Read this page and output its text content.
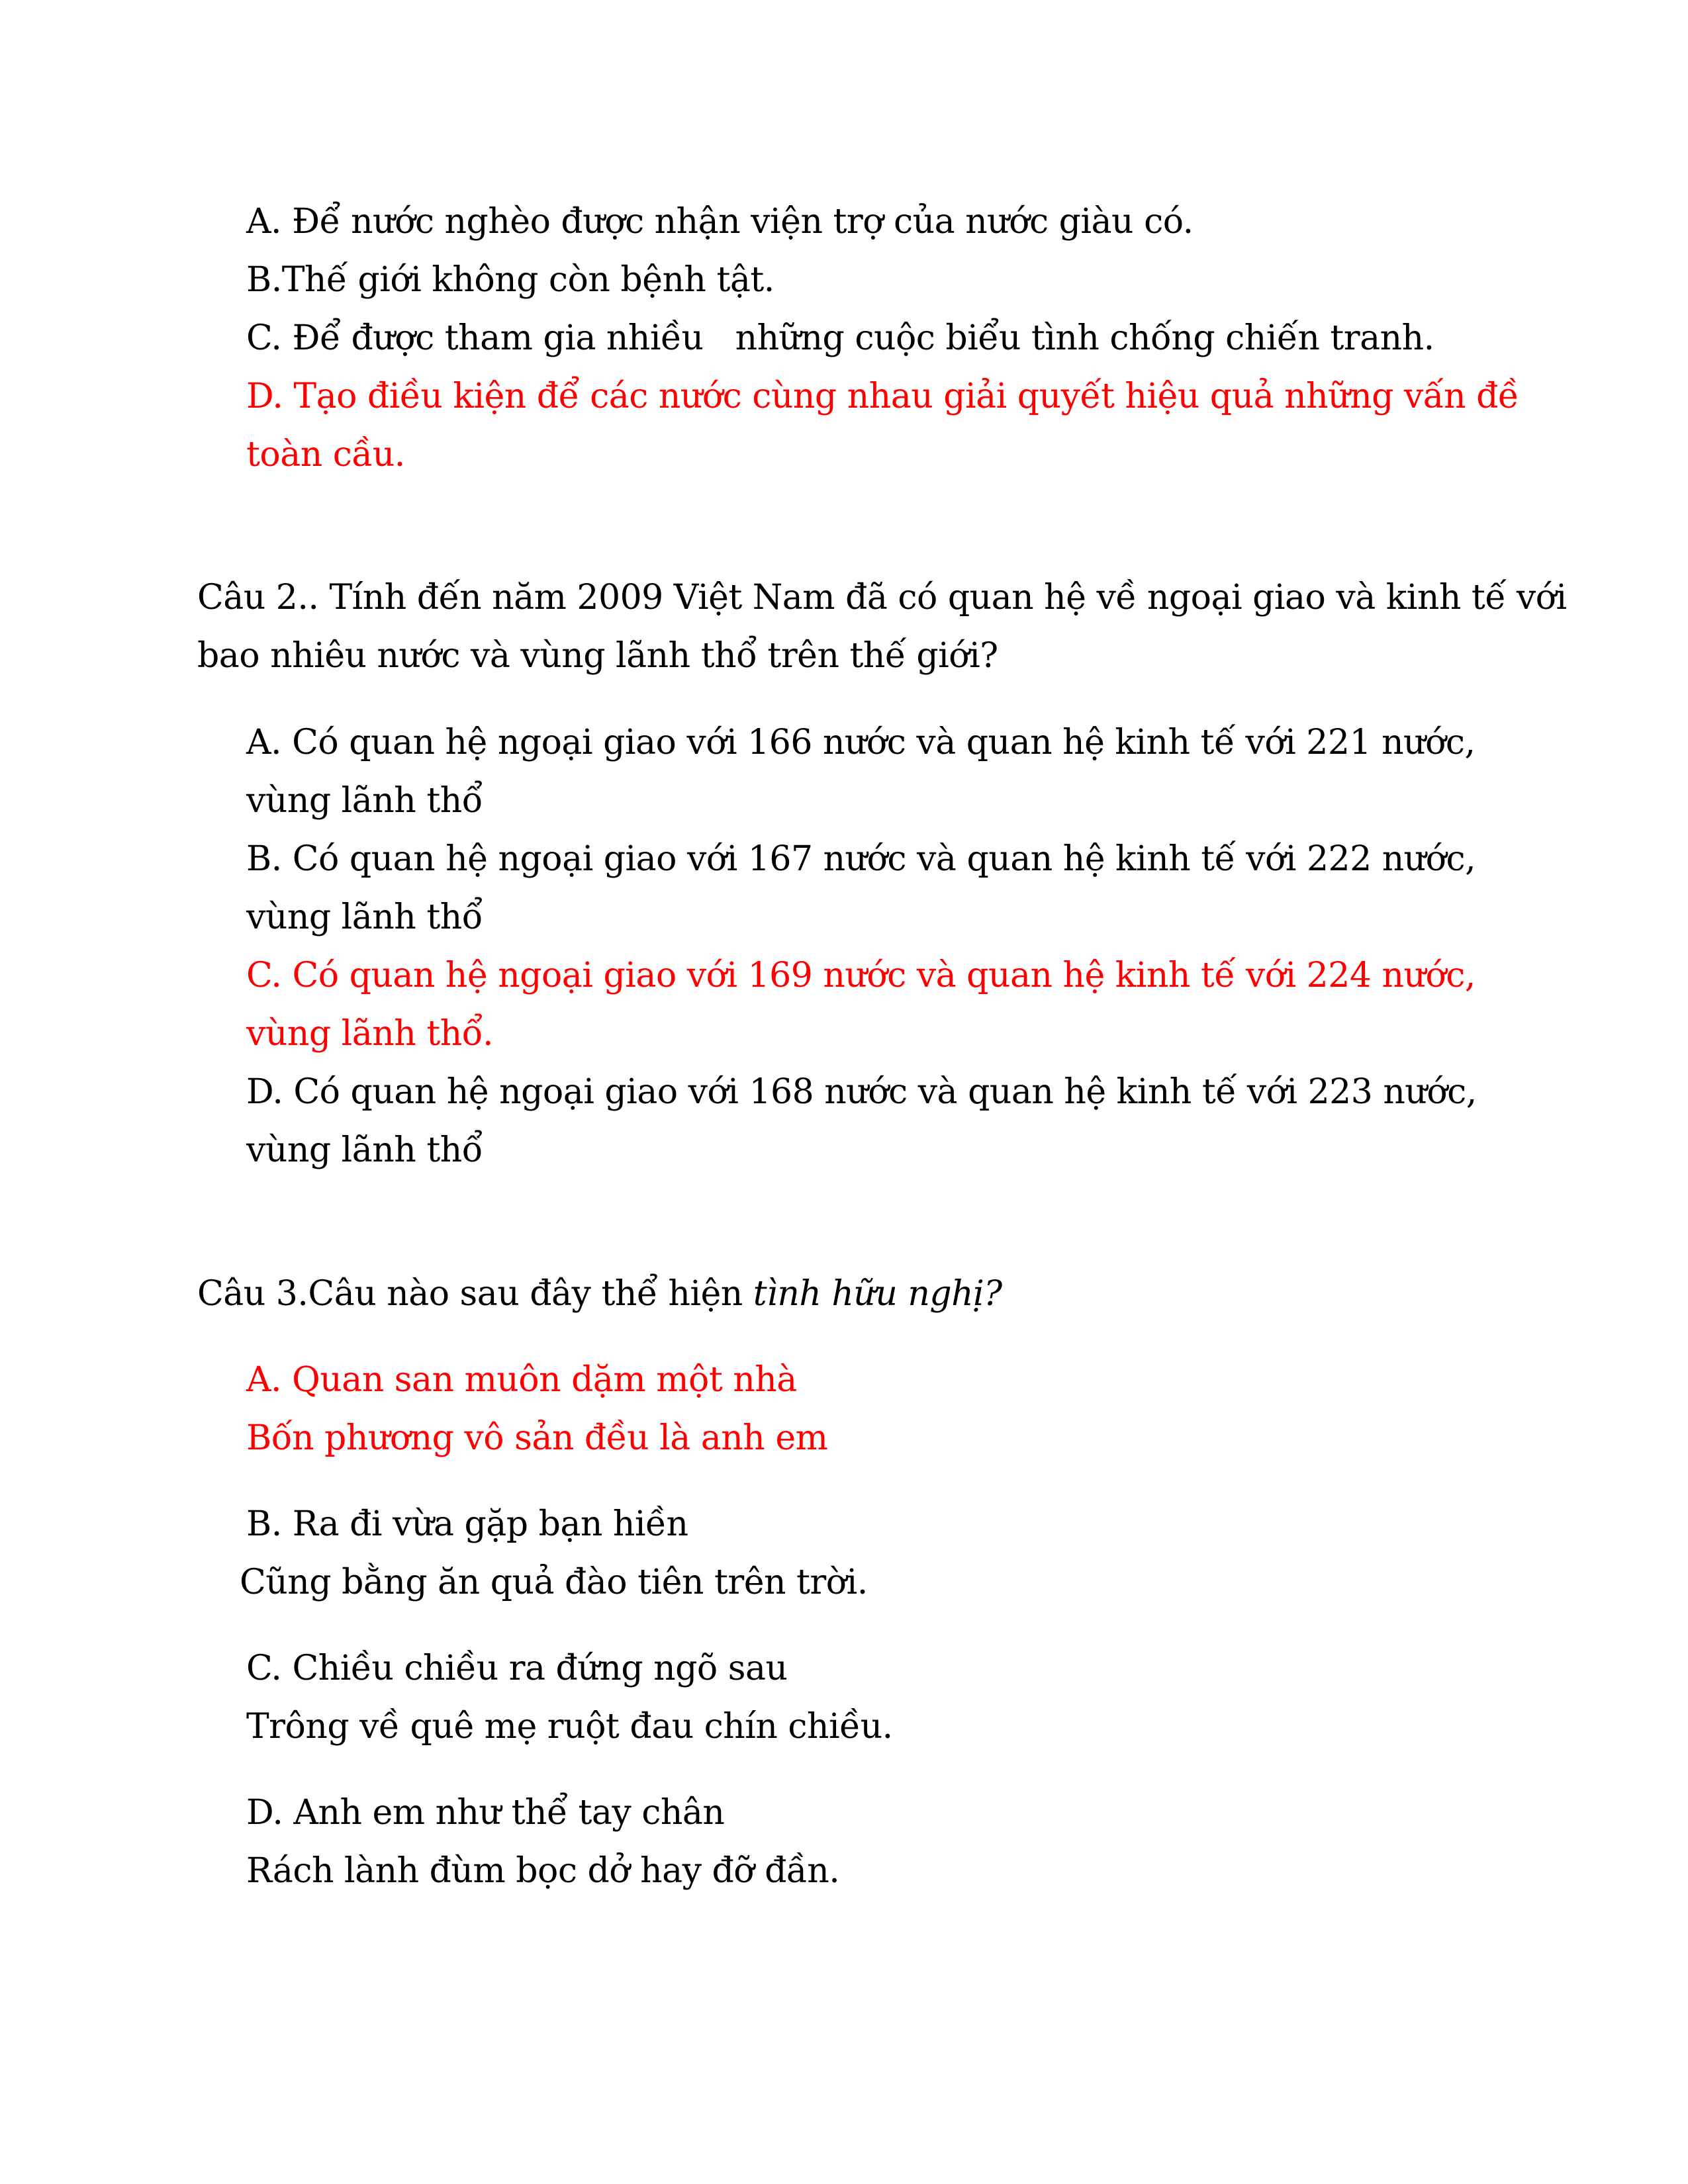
A. Để nước nghèo được nhận viện trợ của nước giàu có.
B.Thế giới không còn bệnh tật.
C. Để được tham gia nhiều   những cuộc biểu tình chống chiến tranh.
D. Tạo điều kiện để các nước cùng nhau giải quyết hiệu quả những vấn đề
toàn cầu.
Câu 2.. Tính đến năm 2009 Việt Nam đã có quan hệ về ngoại giao và kinh tế với
bao nhiêu nước và vùng lãnh thổ trên thế giới?
A. Có quan hệ ngoại giao với 166 nước và quan hệ kinh tế với 221 nước,
vùng lãnh thổ
B. Có quan hệ ngoại giao với 167 nước và quan hệ kinh tế với 222 nước,
vùng lãnh thổ
C. Có quan hệ ngoại giao với 169 nước và quan hệ kinh tế với 224 nước,
vùng lãnh thổ.
D. Có quan hệ ngoại giao với 168 nước và quan hệ kinh tế với 223 nước,
vùng lãnh thổ
Câu 3.Câu nào sau đây thể hiện tình hữu nghị?
A. Quan san muôn dặm một nhà
Bốn phương vô sản đều là anh em
B. Ra đi vừa gặp bạn hiền
Cũng bằng ăn quả đào tiên trên trời.
C. Chiều chiều ra đứng ngõ sau
Trông về quê mẹ ruột đau chín chiều.
D. Anh em như thể tay chân
Rách lành đùm bọc dở hay đỡ đần.
